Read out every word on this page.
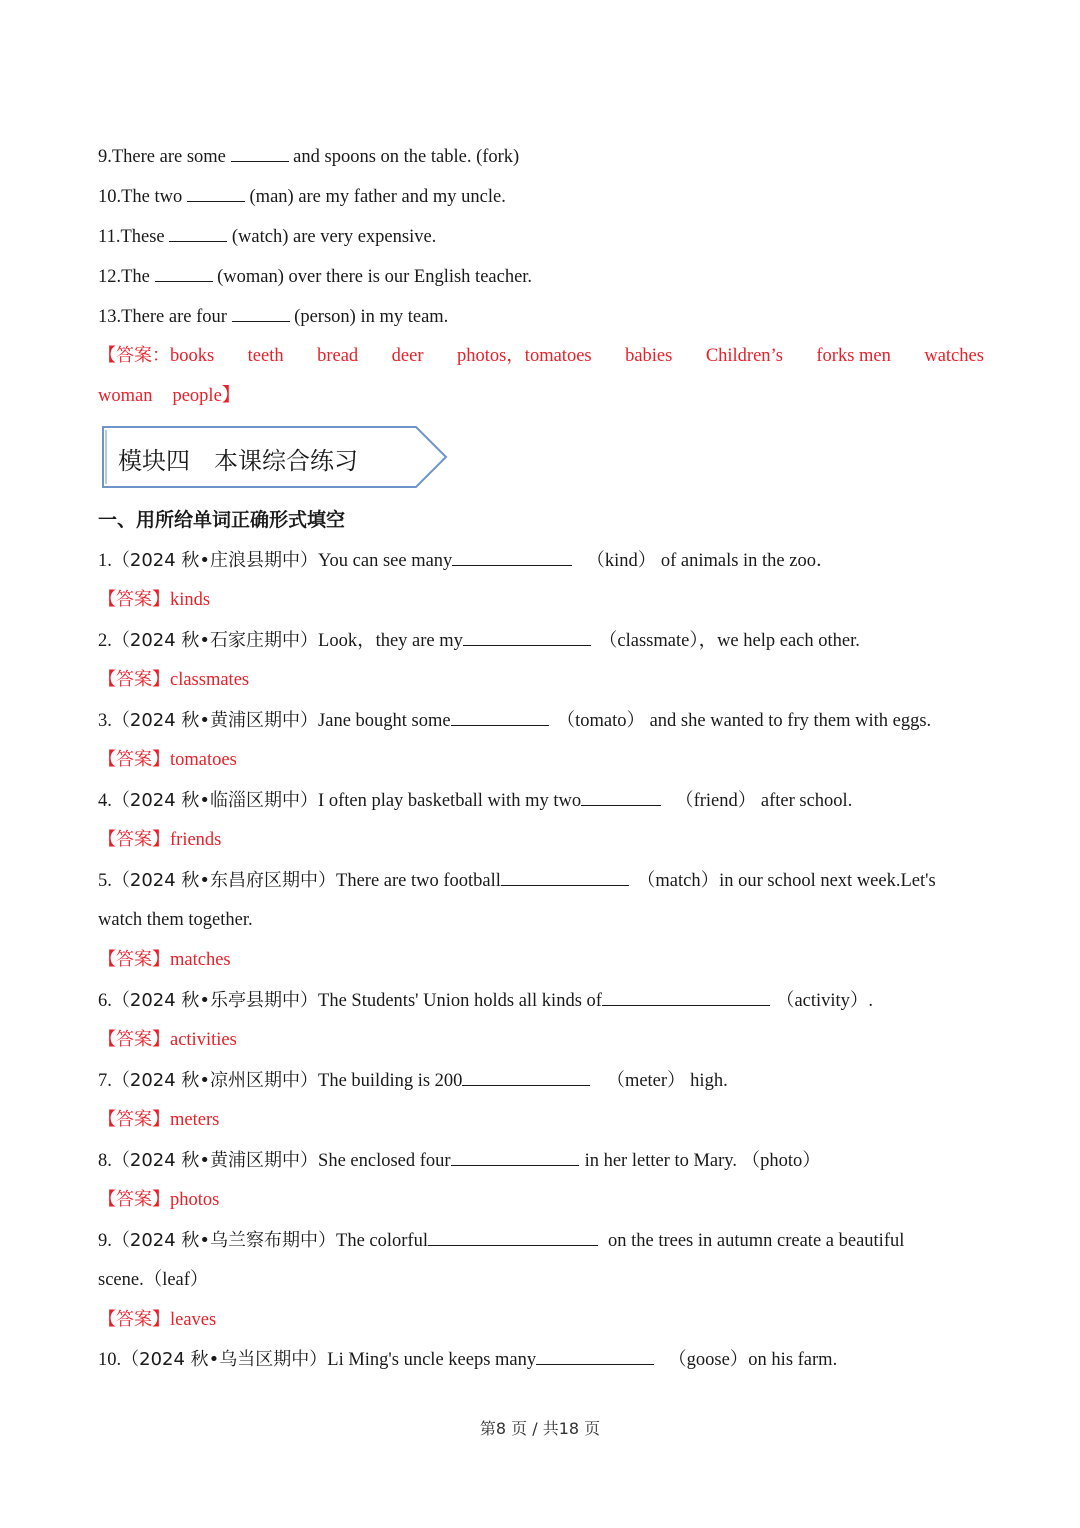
9.There are some	and spoons on the table. (fork)
10.The two	(man) are my father and my uncle.
11.These	(watch) are very expensive.
12.The	(woman) over there is our English teacher.
13.There are four	(person) in my team.
【答案：books teeth bread deer photos，tomatoes babies Children’s forks men watches
woman people】
模块四　本课综合练习
一、用所给单词正确形式填空
1.（2024 秋•庄浪县期中）You can see many	（kind） of animals in the zoo．
【答案】kinds
2.（2024 秋•石家庄期中）Look，they are my	（classmate），we help each other.
【答案】classmates
3.（2024 秋•黄浦区期中）Jane bought some	（tomato） and she wanted to fry them with eggs.
【答案】tomatoes
4.（2024 秋•临淄区期中）I often play basketball with my two	（friend） after school.
【答案】friends
5.（2024 秋•东昌府区期中）There are two football	（match）in our school next week.Let's
watch them together.
【答案】matches
6.（2024 秋•乐亭县期中）The Students' Union holds all kinds of	（activity）.
【答案】activities
7.（2024 秋•凉州区期中）The building is 200	（meter） high.
【答案】meters
8.（2024 秋•黄浦区期中）She enclosed four	in her letter to Mary. （photo）
【答案】photos
9.（2024 秋•乌兰察布期中）The colorful	on the trees in autumn create a beautiful
scene.（leaf）
【答案】leaves
10.（2024 秋•乌当区期中）Li Ming's uncle keeps many	（goose）on his farm.
第8 页 / 共18 页
